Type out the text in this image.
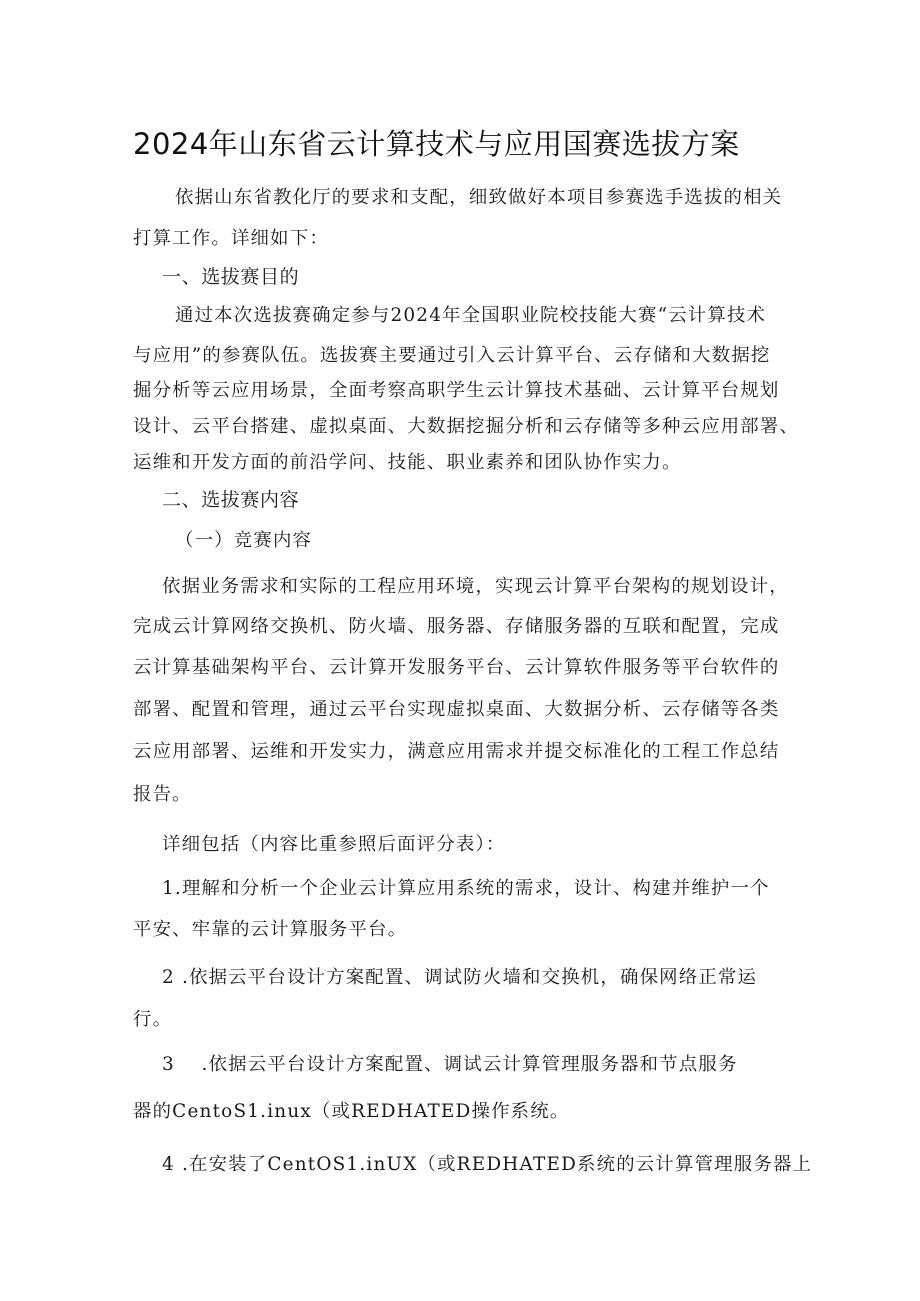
2024年山东省云计算技术与应用国赛选拔方案
依据山东省教化厅的要求和支配，细致做好本项目参赛选手选拔的相关
打算工作。详细如下：
一、选拔赛目的
通过本次选拔赛确定参与2024年全国职业院校技能大赛“云计算技术
与应用”的参赛队伍。选拔赛主要通过引入云计算平台、云存储和大数据挖
掘分析等云应用场景，全面考察高职学生云计算技术基础、云计算平台规划
设计、云平台搭建、虚拟桌面、大数据挖掘分析和云存储等多种云应用部署、
运维和开发方面的前沿学问、技能、职业素养和团队协作实力。
二、选拔赛内容
（一）竞赛内容
依据业务需求和实际的工程应用环境，实现云计算平台架构的规划设计，
完成云计算网络交换机、防火墙、服务器、存储服务器的互联和配置，完成
云计算基础架构平台、云计算开发服务平台、云计算软件服务等平台软件的
部署、配置和管理，通过云平台实现虚拟桌面、大数据分析、云存储等各类
云应用部署、运维和开发实力，满意应用需求并提交标准化的工程工作总结
报告。
详细包括（内容比重参照后面评分表）：
1.理解和分析一个企业云计算应用系统的需求，设计、构建并维护一个
平安、牢靠的云计算服务平台。
2 .依据云平台设计方案配置、调试防火墙和交换机，确保网络正常运
行。
3　 .依据云平台设计方案配置、调试云计算管理服务器和节点服务
器的CentoS1.inux（或REDHATED操作系统。
4 .在安装了CentOS1.inUX（或REDHATED系统的云计算管理服务器上
